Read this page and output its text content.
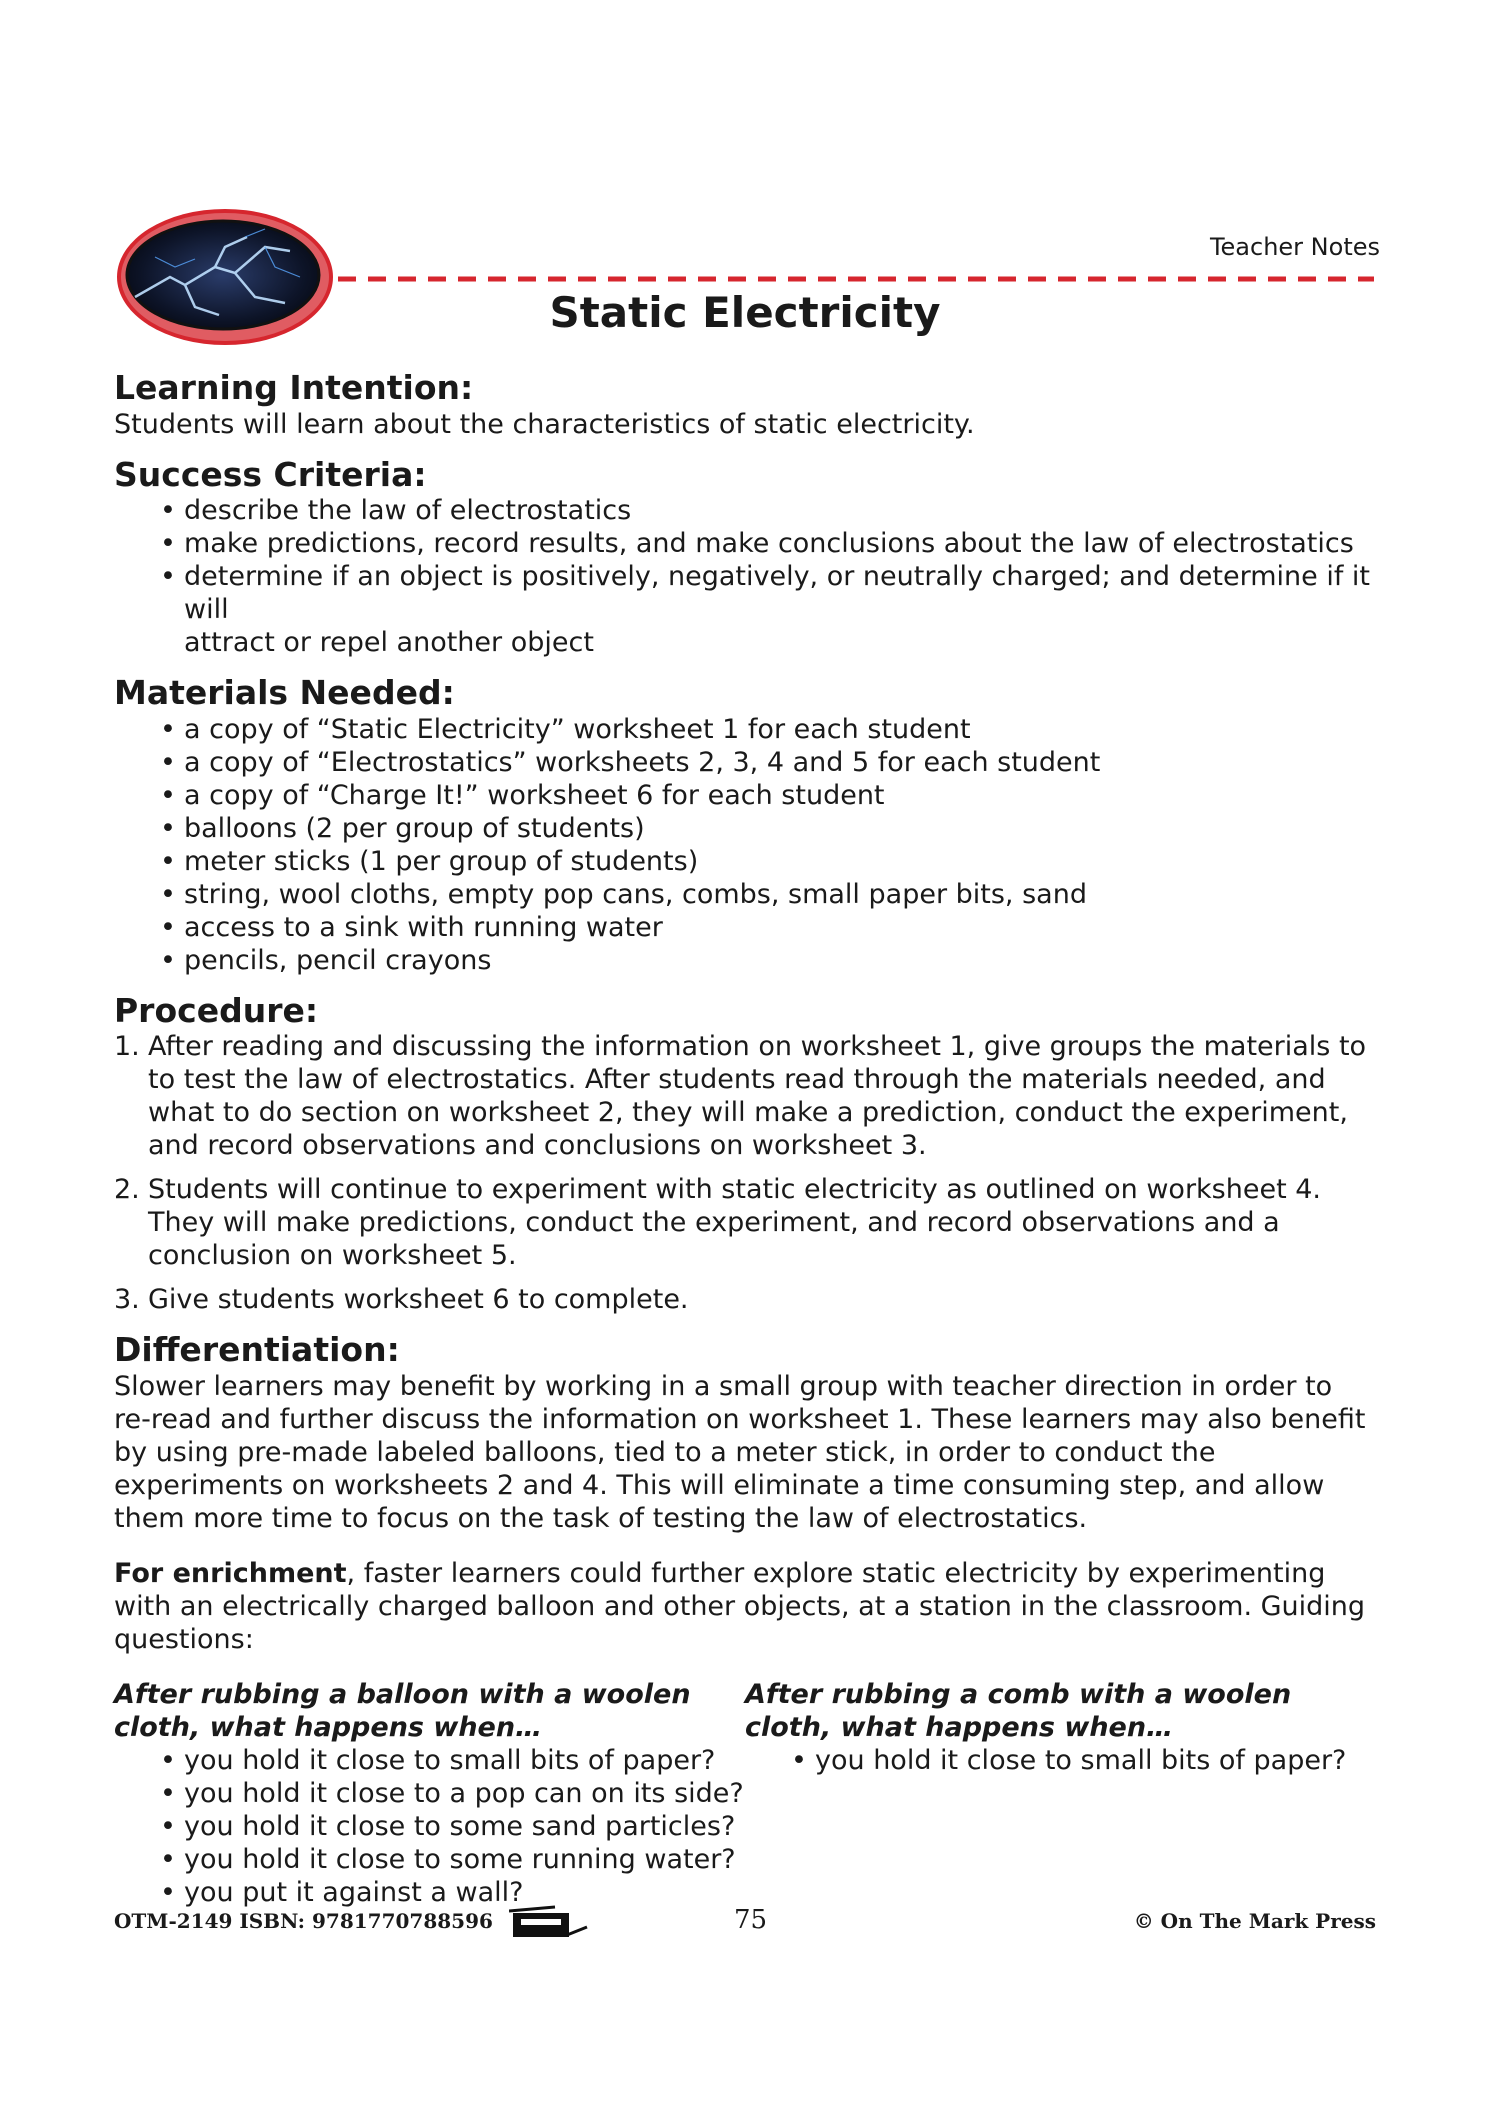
Teacher Notes
Static Electricity
Learning Intention:

Students will learn about the characteristics of static electricity.

Success Criteria:
• describe the law of electrostatics
• make predictions, record results, and make conclusions about the law of electrostatics
• determine if an object is positively, negatively, or neutrally charged; and determine if it will

attract or repel another object

Materials Needed:
• a copy of “Static Electricity” worksheet 1 for each student
• a copy of “Electrostatics” worksheets 2, 3, 4 and 5 for each student
• a copy of “Charge It!” worksheet 6 for each student
• balloons (2 per group of students)
• meter sticks (1 per group of students)
• string, wool cloths, empty pop cans, combs, small paper bits, sand
• access to a sink with running water
• pencils, pencil crayons
Procedure:
1. After reading and discussing the information on worksheet 1, give groups the materials to to test the law of electrostatics. After students read through the materials needed, and what to do section on worksheet 2, they will make a prediction, conduct the experiment, and record observations and conclusions on worksheet 3.
2. Students will continue to experiment with static electricity as outlined on worksheet 4. They will make predictions, conduct the experiment, and record observations and a conclusion on worksheet 5.
3. Give students worksheet 6 to complete.
Differentiation:

Slower learners may benefit by working in a small group with teacher direction in order to re-read and further discuss the information on worksheet 1. These learners may also benefit by using pre-made labeled balloons, tied to a meter stick, in order to conduct the experiments on worksheets 2 and 4. This will eliminate a time consuming step, and allow them more time to focus on the task of testing the law of electrostatics.

For enrichment, faster learners could further explore static electricity by experimenting with an electrically charged balloon and other objects, at a station in the classroom. Guiding questions:

After rubbing a balloon with a woolen cloth, what happens when…
• you hold it close to small bits of paper?
• you hold it close to a pop can on its side?
• you hold it close to some sand particles?
• you hold it close to some running water?
• you put it against a wall?
After rubbing a comb with a woolen cloth, what happens when…
• you hold it close to small bits of paper?
OTM-2149 ISBN: 9781770788596	75	© On The Mark Press
